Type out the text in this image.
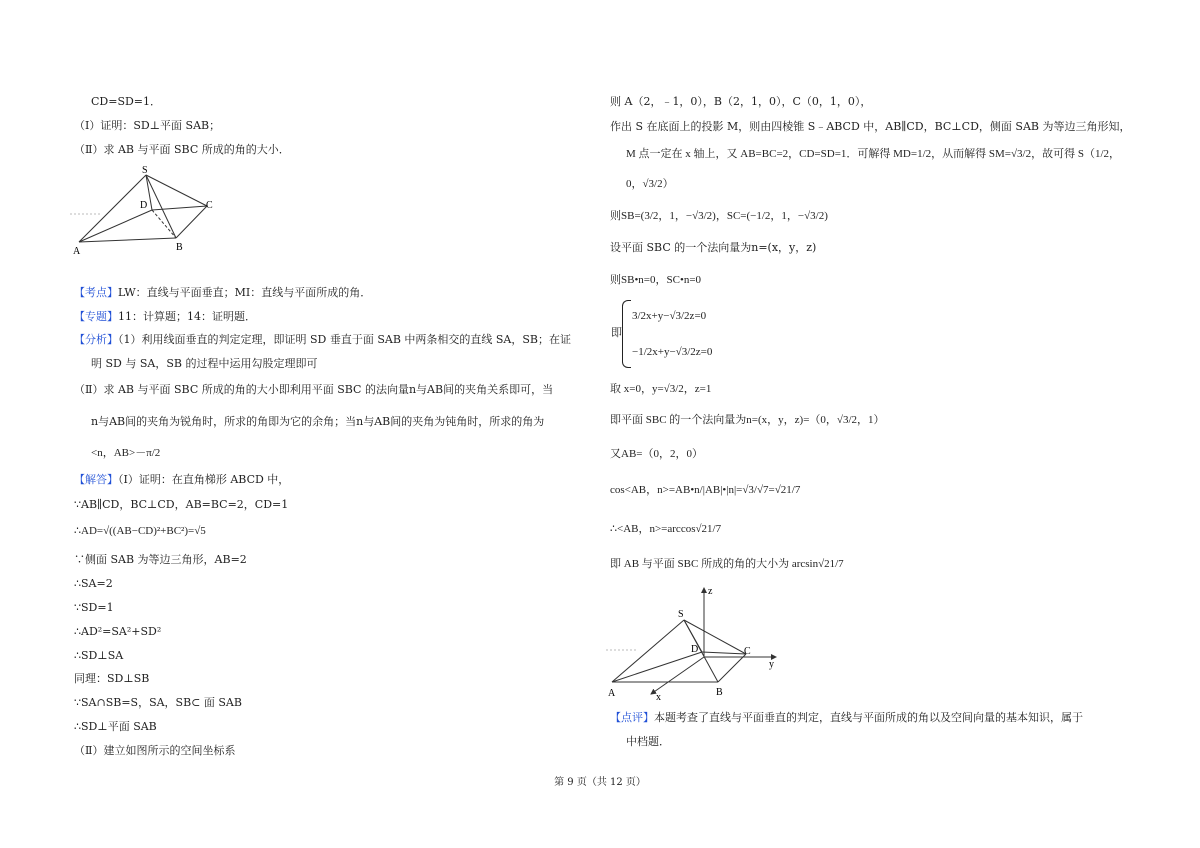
CD=SD=1．
（Ⅰ）证明：SD⊥平面 SAB；
（Ⅱ）求 AB 与平面 SBC 所成的角的大小．
S
D	C
A	B
【考点】LW：直线与平面垂直；MI：直线与平面所成的角．
【专题】11：计算题；14：证明题．
【分析】（1）利用线面垂直的判定定理，即证明 SD 垂直于面 SAB 中两条相交的直线 SA，SB；在证
明 SD 与 SA，SB 的过程中运用勾股定理即可
（Ⅱ）求 AB 与平面 SBC 所成的角的大小即利用平面 SBC 的法向量n与AB间的夹角关系即可，当
n与AB间的夹角为锐角时，所求的角即为它的余角；当n与AB间的夹角为钝角时，所求的角为
<n，AB>－π/2
【解答】（Ⅰ）证明：在直角梯形 ABCD 中，
∵AB∥CD，BC⊥CD，AB=BC=2，CD=1
∴AD=√((AB−CD)²+BC²)=√5
∵侧面 SAB 为等边三角形，AB=2
∴SA=2
∵SD=1
∴AD²=SA²+SD²
∴SD⊥SA
同理：SD⊥SB
∵SA∩SB=S，SA，SB⊂ 面 SAB
∴SD⊥平面 SAB
（Ⅱ）建立如图所示的空间坐标系
则 A（2，﹣1，0），B（2，1，0），C（0，1，0），
作出 S 在底面上的投影 M，则由四棱锥 S﹣ABCD 中，AB∥CD，BC⊥CD，侧面 SAB 为等边三角形知，
M 点一定在 x 轴上，又 AB=BC=2，CD=SD=1．可解得 MD=1/2，从而解得 SM=√3/2，故可得 S（1/2，
0，√3/2）
则SB=(3/2，1，−√3/2)，SC=(−1/2，1，−√3/2)
设平面 SBC 的一个法向量为n=(x，y，z)
则SB•n=0，SC•n=0
即
3/2x+y−√3/2z=0
−1/2x+y−√3/2z=0
取 x=0，y=√3/2，z=1
即平面 SBC 的一个法向量为n=(x，y，z)=（0，√3/2，1）
又AB=（0，2，0）
cos<AB，n>=AB•n/|AB|•|n|=√3/√7=√21/7
∴<AB，n>=arccos√21/7
即 AB 与平面 SBC 所成的角的大小为 arcsin√21/7
z
S
D	C
y
A	x	B
【点评】本题考查了直线与平面垂直的判定，直线与平面所成的角以及空间向量的基本知识，属于
中档题．
第 9 页（共 12 页）
